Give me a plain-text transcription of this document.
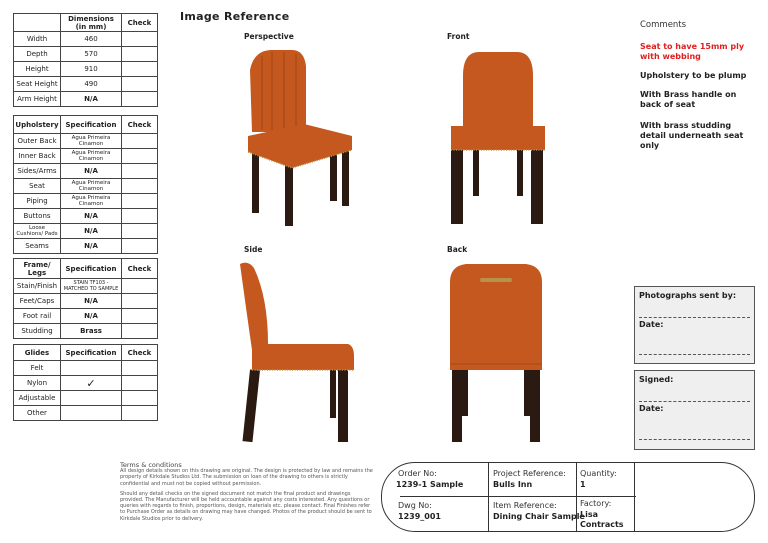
	Dimensions (in mm)	Check
Width	460	
Depth	570	
Height	910	
Seat Height	490	
Arm Height	N/A	
Upholstery	Specification	Check
Outer Back	Agua Primeira Cinamon	
Inner Back	Agua Primeira Cinamon	
Sides/Arms	N/A	
Seat	Agua Primeira Cinamon	
Piping	Agua Primeira Cinamon	
Buttons	N/A	
Loose Cushions/ Pads	N/A	
Seams	N/A	
Frame/ Legs	Specification	Check
Stain/Finish	STAIN TF103 - MATCHED TO SAMPLE	
Feet/Caps	N/A	
Foot rail	N/A	
Studding	Brass	
Glides	Specification	Check
Felt		
Nylon	✓	
Adjustable		
Other		
Image Reference
Perspective	Front
Side	Back
Comments
Seat to have 15mm ply with webbing
Upholstery to be plump
With Brass handle on back of seat
With brass studding detail underneath seat only
Photographs sent by:
Date:
Signed:
Date:
Terms & conditions
All design details shown on this drawing are original. The design is protected by law and remains the property of Kirkdale Studios Ltd. The submission on loan of the drawing to others is strictly confidential and must not be copied without permission.
Should any detail checks on the signed document not match the final product and drawings provided. The Manufacturer will be held accountable against any costs interested. Any questions or queries with regards to finish, proportions, design, materials etc. please contact. Final Finishes refer to Purchase Order as details on drawing may have changed. Photos of the product should be sent to Kirkdale Studios prior to delivery.
Order No:
1239-1 Sample
Project Reference:
Bulls Inn
Quantity:
1
Dwg No:
1239_001
Item Reference:
Dining Chair Sample
Factory:
Lisa Contracts
